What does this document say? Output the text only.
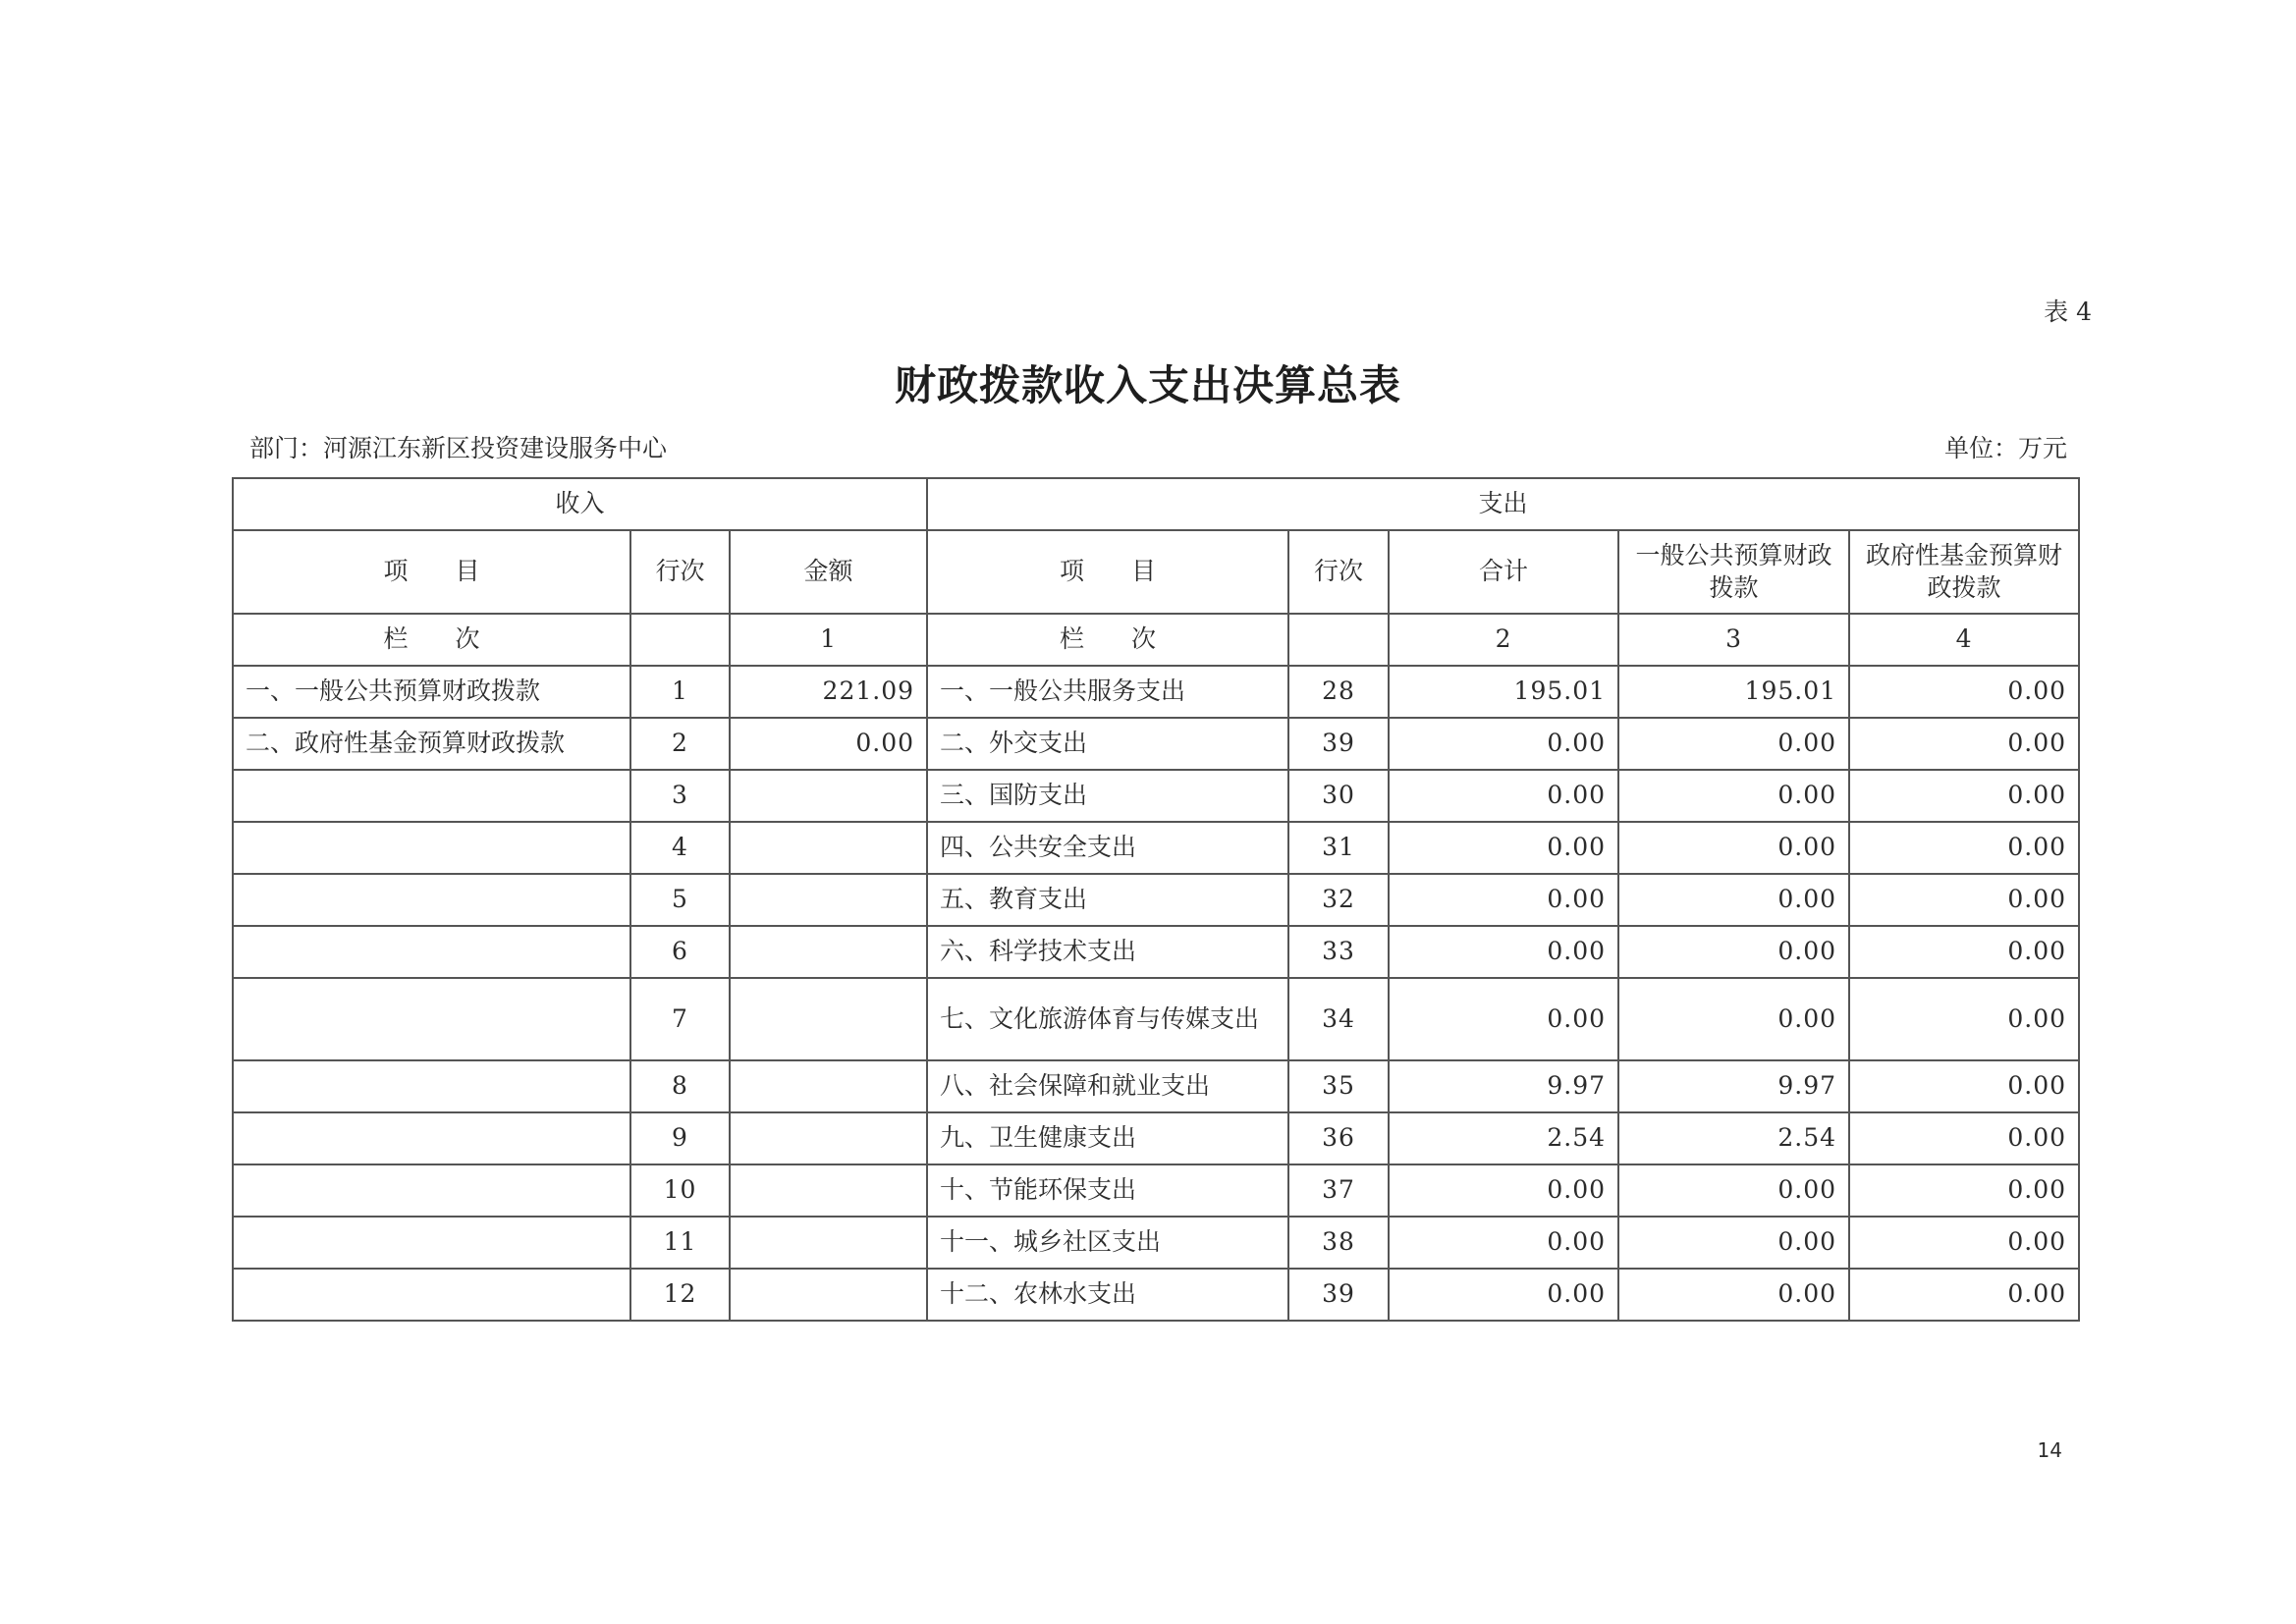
表 4
财政拨款收入支出决算总表
部门：河源江东新区投资建设服务中心	单位：万元
收入			支出				
项 目	行次	金额	项 目	行次	合计	一般公共预算财政拨款	政府性基金预算财政拨款
栏 次		1	栏 次		2	3	4
一、一般公共预算财政拨款	1	221.09	一、一般公共服务支出	28	195.01	195.01	0.00
二、政府性基金预算财政拨款	2	0.00	二、外交支出	39	0.00	0.00	0.00
	3		三、国防支出	30	0.00	0.00	0.00
	4		四、公共安全支出	31	0.00	0.00	0.00
	5		五、教育支出	32	0.00	0.00	0.00
	6		六、科学技术支出	33	0.00	0.00	0.00
	7		七、文化旅游体育与传媒支出	34	0.00	0.00	0.00
	8		八、社会保障和就业支出	35	9.97	9.97	0.00
	9		九、卫生健康支出	36	2.54	2.54	0.00
	10		十、节能环保支出	37	0.00	0.00	0.00
	11		十一、城乡社区支出	38	0.00	0.00	0.00
	12		十二、农林水支出	39	0.00	0.00	0.00
14
